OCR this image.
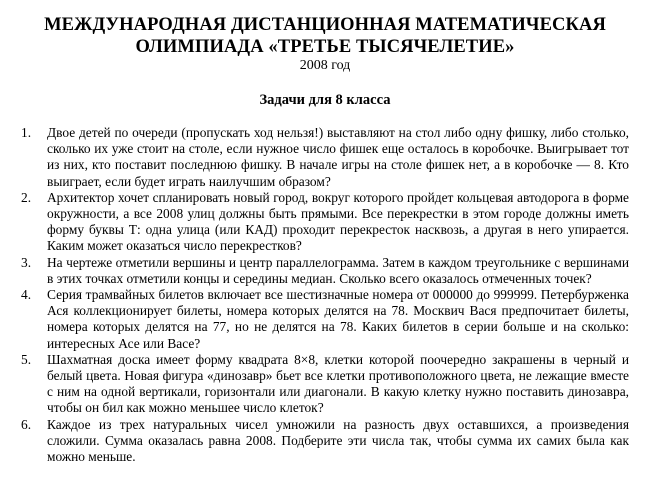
МЕЖДУНАРОДНАЯ ДИСТАНЦИОННАЯ МАТЕМАТИЧЕСКАЯ
ОЛИМПИАДА «ТРЕТЬЕ ТЫСЯЧЕЛЕТИЕ»
2008 год
Задачи для 8 класса
1. Двое детей по очереди (пропускать ход нельзя!) выставляют на стол либо одну фишку, либо столько, сколько их уже стоит на столе, если нужное число фишек еще осталось в коробочке. Выигрывает тот из них, кто поставит последнюю фишку. В начале игры на столе фишек нет, а в коробочке — 8. Кто выиграет, если будет играть наилучшим образом?
2. Архитектор хочет спланировать новый город, вокруг которого пройдет кольцевая автодорога в форме окружности, а все 2008 улиц должны быть прямыми. Все перекрестки в этом городе должны иметь форму буквы Т: одна улица (или КАД) проходит перекресток насквозь, а другая в него упирается. Каким может оказаться число перекрестков?
3. На чертеже отметили вершины и центр параллелограмма. Затем в каждом треугольнике с вершинами в этих точках отметили концы и середины медиан. Сколько всего оказалось отмеченных точек?
4. Серия трамвайных билетов включает все шестизначные номера от 000000 до 999999. Петербурженка Ася коллекционирует билеты, номера которых делятся на 78. Москвич Вася предпочитает билеты, номера которых делятся на 77, но не делятся на 78. Каких билетов в серии больше и на сколько: интересных Асе или Васе?
5. Шахматная доска имеет форму квадрата 8×8, клетки которой поочередно закрашены в черный и белый цвета. Новая фигура «динозавр» бьет все клетки противоположного цвета, не лежащие вместе с ним на одной вертикали, горизонтали или диагонали. В какую клетку нужно поставить динозавра, чтобы он бил как можно меньшее число клеток?
6. Каждое из трех натуральных чисел умножили на разность двух оставшихся, а произведения сложили. Сумма оказалась равна 2008. Подберите эти числа так, чтобы сумма их самих была как можно меньше.
